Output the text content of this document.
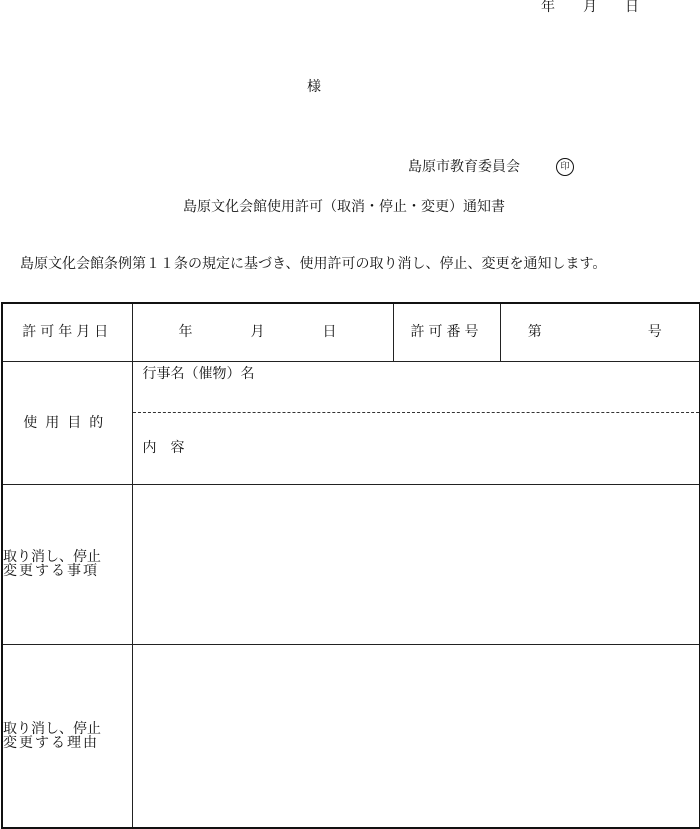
年　　月　　日
様
島原市教育委員会	印
島原文化会館使用許可（取消・停止・変更）通知書
島原文化会館条例第１１条の規定に基づき、使用許可の取り消し、停止、変更を通知します。
許可年月日	年　　月　　日	許可番号	第　　　　号
使用目的	行事名（催物）名
内　容		

取り消し、停止
変更する事項			

取り消し、停止
変更する理由			
